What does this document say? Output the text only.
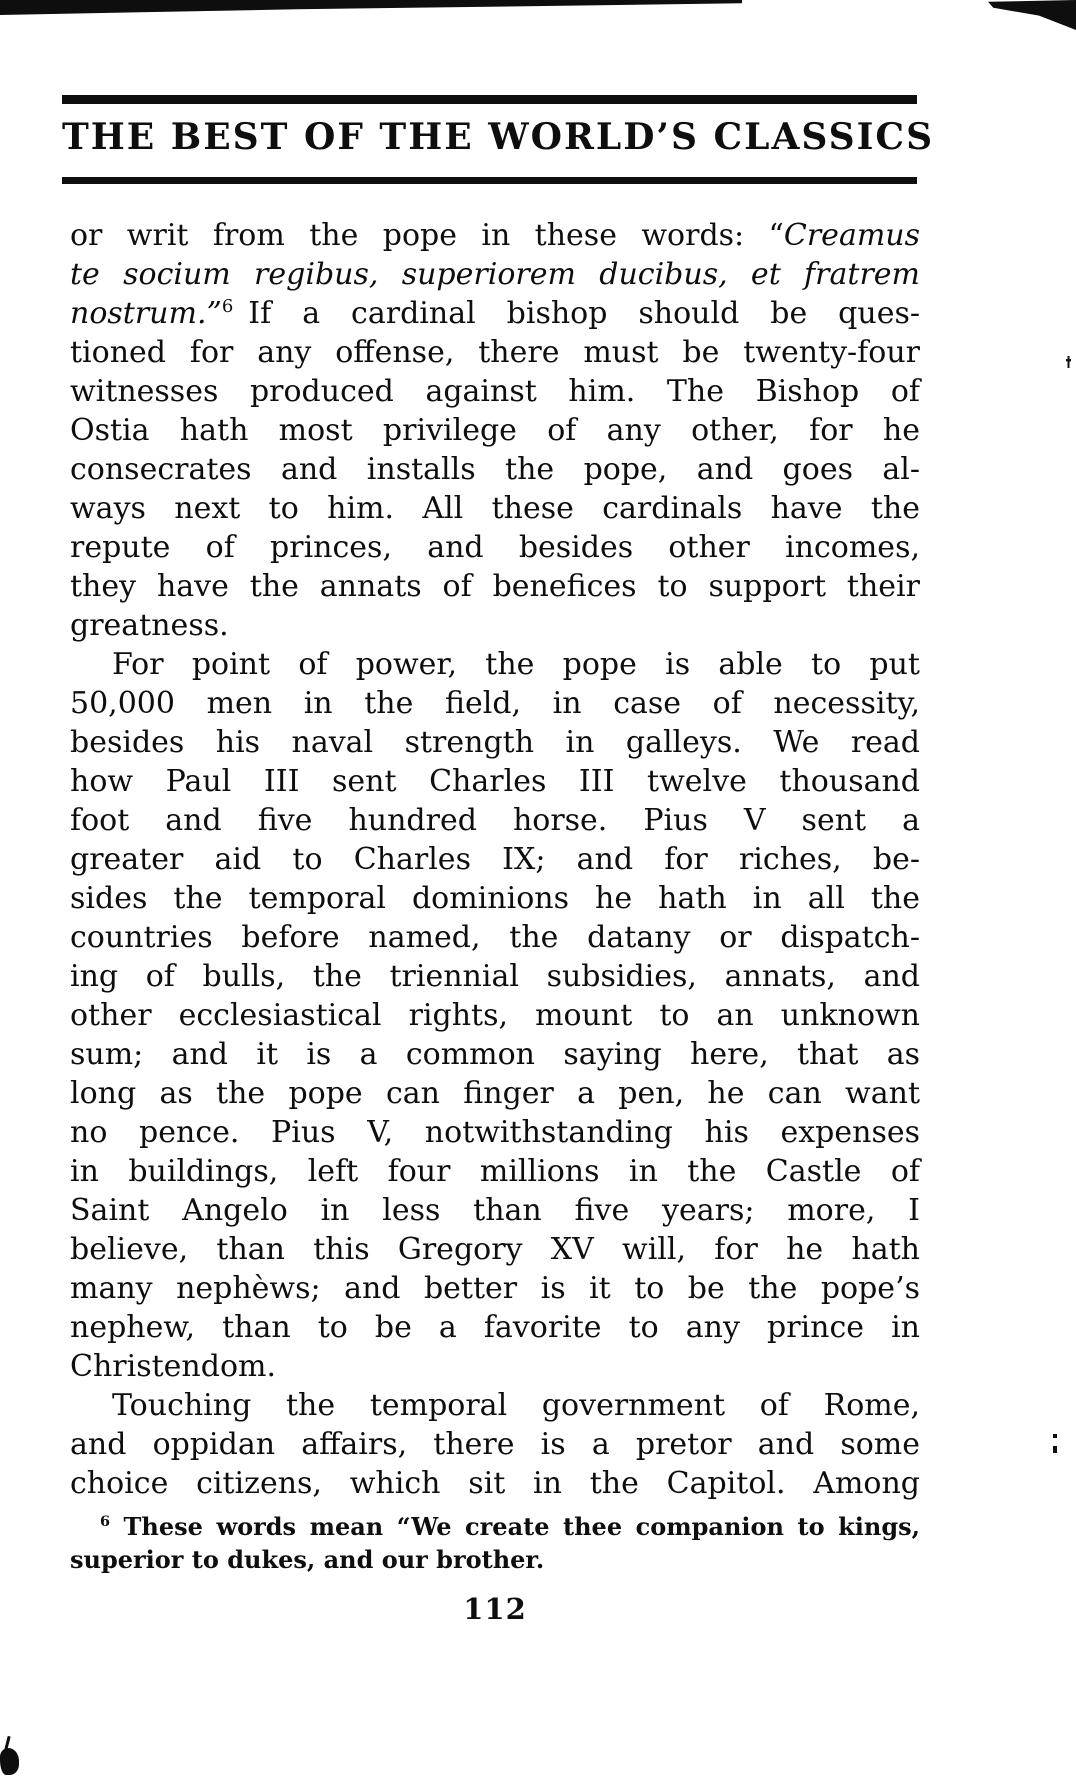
THE BEST OF THE WORLD’S CLASSICS
or writ from the pope in these words: “Creamus
te socium regibus, superiorem ducibus, et fratrem
nostrum.”$^6$ If a cardinal bishop should be ques-
tioned for any offense, there must be twenty-four
witnesses produced against him. The Bishop of
Ostia hath most privilege of any other, for he
consecrates and installs the pope, and goes al-
ways next to him. All these cardinals have the
repute of princes, and besides other incomes,
they have the annats of benefices to support their
greatness.
For point of power, the pope is able to put
50,000 men in the field, in case of necessity,
besides his naval strength in galleys. We read
how Paul III sent Charles III twelve thousand
foot and five hundred horse. Pius V sent a
greater aid to Charles IX; and for riches, be-
sides the temporal dominions he hath in all the
countries before named, the datany or dispatch-
ing of bulls, the triennial subsidies, annats, and
other ecclesiastical rights, mount to an unknown
sum; and it is a common saying here, that as
long as the pope can finger a pen, he can want
no pence. Pius V, notwithstanding his expenses
in buildings, left four millions in the Castle of
Saint Angelo in less than five years; more, I
believe, than this Gregory XV will, for he hath
many nephèws; and better is it to be the pope’s
nephew, than to be a favorite to any prince in
Christendom.
Touching the temporal government of Rome,
and oppidan affairs, there is a pretor and some
choice citizens, which sit in the Capitol. Among
$^6$ These words mean “We create thee companion to kings,
superior to dukes, and our brother.
112
